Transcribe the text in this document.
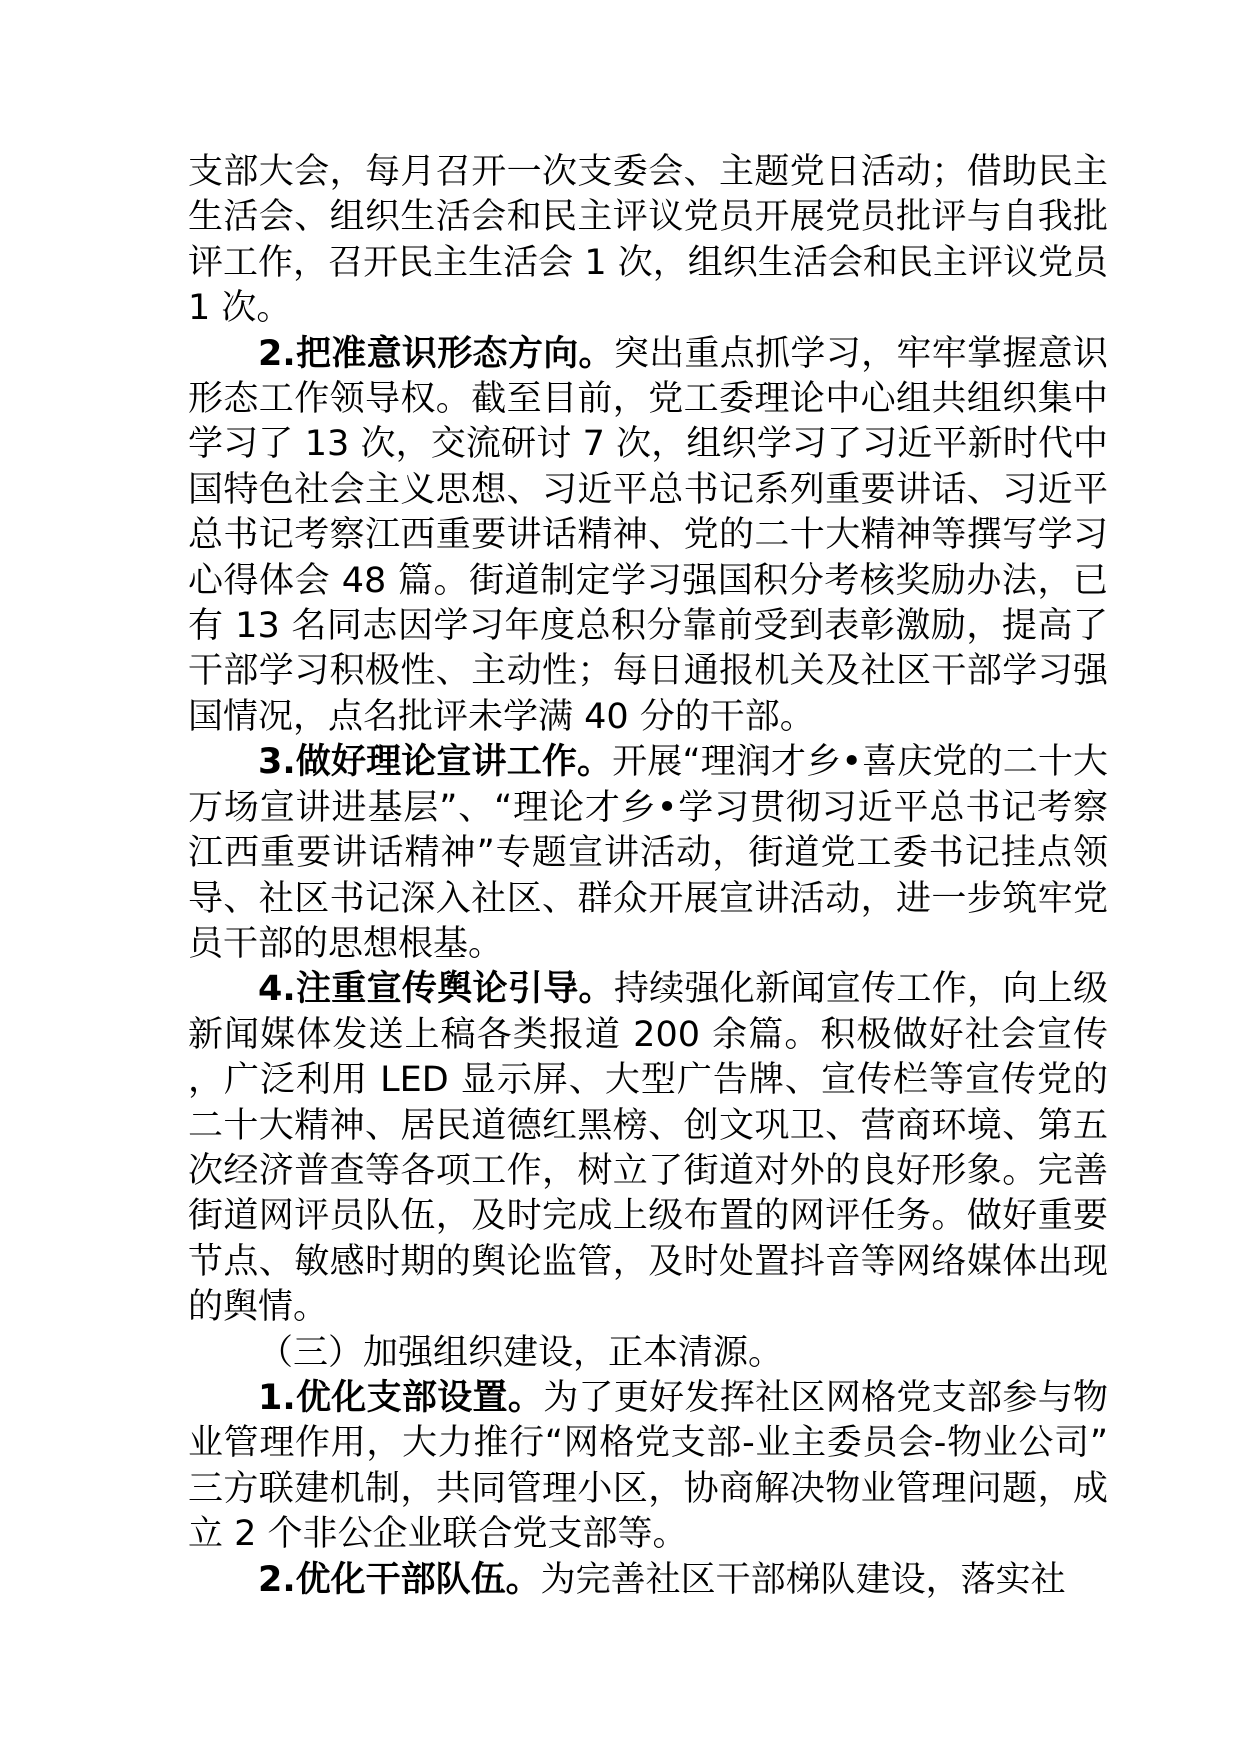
支部大会，每月召开一次支委会、主题党日活动；借助民主生活会、组织生活会和民主评议党员开展党员批评与自我批评工作，召开民主生活会 1 次，组织生活会和民主评议党员 1 次。

2.把准意识形态方向。突出重点抓学习，牢牢掌握意识形态工作领导权。截至目前，党工委理论中心组共组织集中学习了 13 次，交流研讨 7 次，组织学习了习近平新时代中国特色社会主义思想、习近平总书记系列重要讲话、习近平总书记考察江西重要讲话精神、党的二十大精神等撰写学习心得体会 48 篇。街道制定学习强国积分考核奖励办法，已有 13 名同志因学习年度总积分靠前受到表彰激励，提高了干部学习积极性、主动性；每日通报机关及社区干部学习强国情况，点名批评未学满 40 分的干部。

3.做好理论宣讲工作。开展“理润才乡•喜庆党的二十大 万场宣讲进基层”、“理论才乡•学习贯彻习近平总书记考察江西重要讲话精神”专题宣讲活动，街道党工委书记挂点领导、社区书记深入社区、群众开展宣讲活动，进一步筑牢党员干部的思想根基。

4.注重宣传舆论引导。持续强化新闻宣传工作，向上级新闻媒体发送上稿各类报道 200 余篇。积极做好社会宣传，广泛利用 LED 显示屏、大型广告牌、宣传栏等宣传党的二十大精神、居民道德红黑榜、创文巩卫、营商环境、第五次经济普查等各项工作，树立了街道对外的良好形象。完善街道网评员队伍，及时完成上级布置的网评任务。做好重要节点、敏感时期的舆论监管，及时处置抖音等网络媒体出现的舆情。

（三）加强组织建设，正本清源。

1.优化支部设置。为了更好发挥社区网格党支部参与物业管理作用，大力推行“网格党支部-业主委员会-物业公司”三方联建机制，共同管理小区，协商解决物业管理问题，成立 2 个非公企业联合党支部等。

2.优化干部队伍。为完善社区干部梯队建设，落实社
